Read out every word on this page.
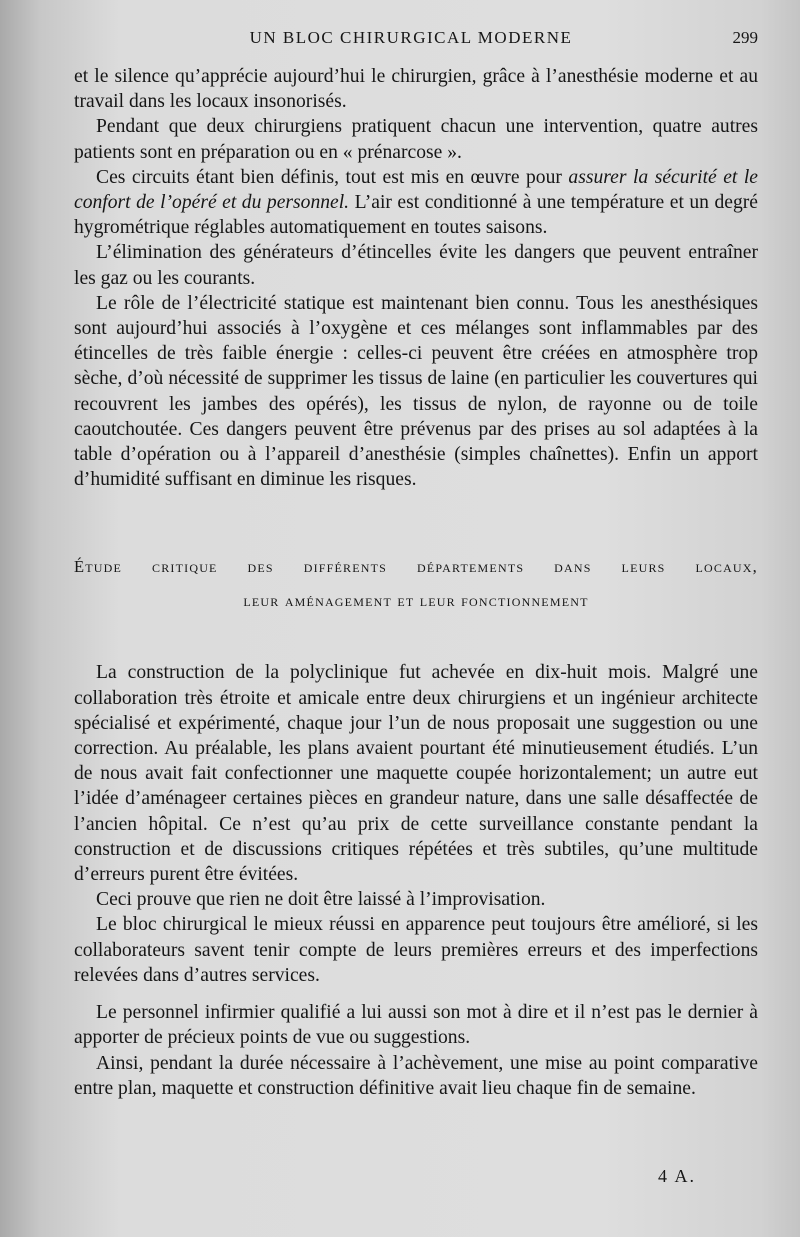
UN BLOC CHIRURGICAL MODERNE	299

et le silence qu’apprécie aujourd’hui le chirurgien, grâce à l’anesthésie moderne et au travail dans les locaux insonorisés.

Pendant que deux chirurgiens pratiquent chacun une intervention, quatre autres patients sont en préparation ou en « prénarcose ».

Ces circuits étant bien définis, tout est mis en œuvre pour assurer la sécurité et le confort de l’opéré et du personnel. L’air est conditionné à une température et un degré hygrométrique réglables automatiquement en toutes saisons.

L’élimination des générateurs d’étincelles évite les dangers que peuvent entraîner les gaz ou les courants.

Le rôle de l’électricité statique est maintenant bien connu. Tous les anesthésiques sont aujourd’hui associés à l’oxygène et ces mélanges sont inflammables par des étincelles de très faible énergie : celles-ci peuvent être créées en atmosphère trop sèche, d’où nécessité de supprimer les tissus de laine (en particulier les couvertures qui recouvrent les jambes des opérés), les tissus de nylon, de rayonne ou de toile caoutchoutée. Ces dangers peuvent être prévenus par des prises au sol adaptées à la table d’opération ou à l’appareil d’anesthésie (simples chaînettes). Enfin un apport d’humidité suffisant en diminue les risques.

Étude critique des différents départements dans leurs locaux,
leur aménagement et leur fonctionnement

La construction de la polyclinique fut achevée en dix-huit mois. Malgré une collaboration très étroite et amicale entre deux chirurgiens et un ingénieur architecte spécialisé et expérimenté, chaque jour l’un de nous proposait une suggestion ou une correction. Au préalable, les plans avaient pourtant été minutieusement étudiés. L’un de nous avait fait confectionner une maquette coupée horizontalement; un autre eut l’idée d’aménageer certaines pièces en grandeur nature, dans une salle désaffectée de l’ancien hôpital. Ce n’est qu’au prix de cette surveillance constante pendant la construction et de discussions critiques répétées et très subtiles, qu’une multitude d’erreurs purent être évitées.

Ceci prouve que rien ne doit être laissé à l’improvisation.

Le bloc chirurgical le mieux réussi en apparence peut toujours être amélioré, si les collaborateurs savent tenir compte de leurs premières erreurs et des imperfections relevées dans d’autres services.

Le personnel infirmier qualifié a lui aussi son mot à dire et il n’est pas le dernier à apporter de précieux points de vue ou suggestions.

Ainsi, pendant la durée nécessaire à l’achèvement, une mise au point comparative entre plan, maquette et construction définitive avait lieu chaque fin de semaine.

4 A.
